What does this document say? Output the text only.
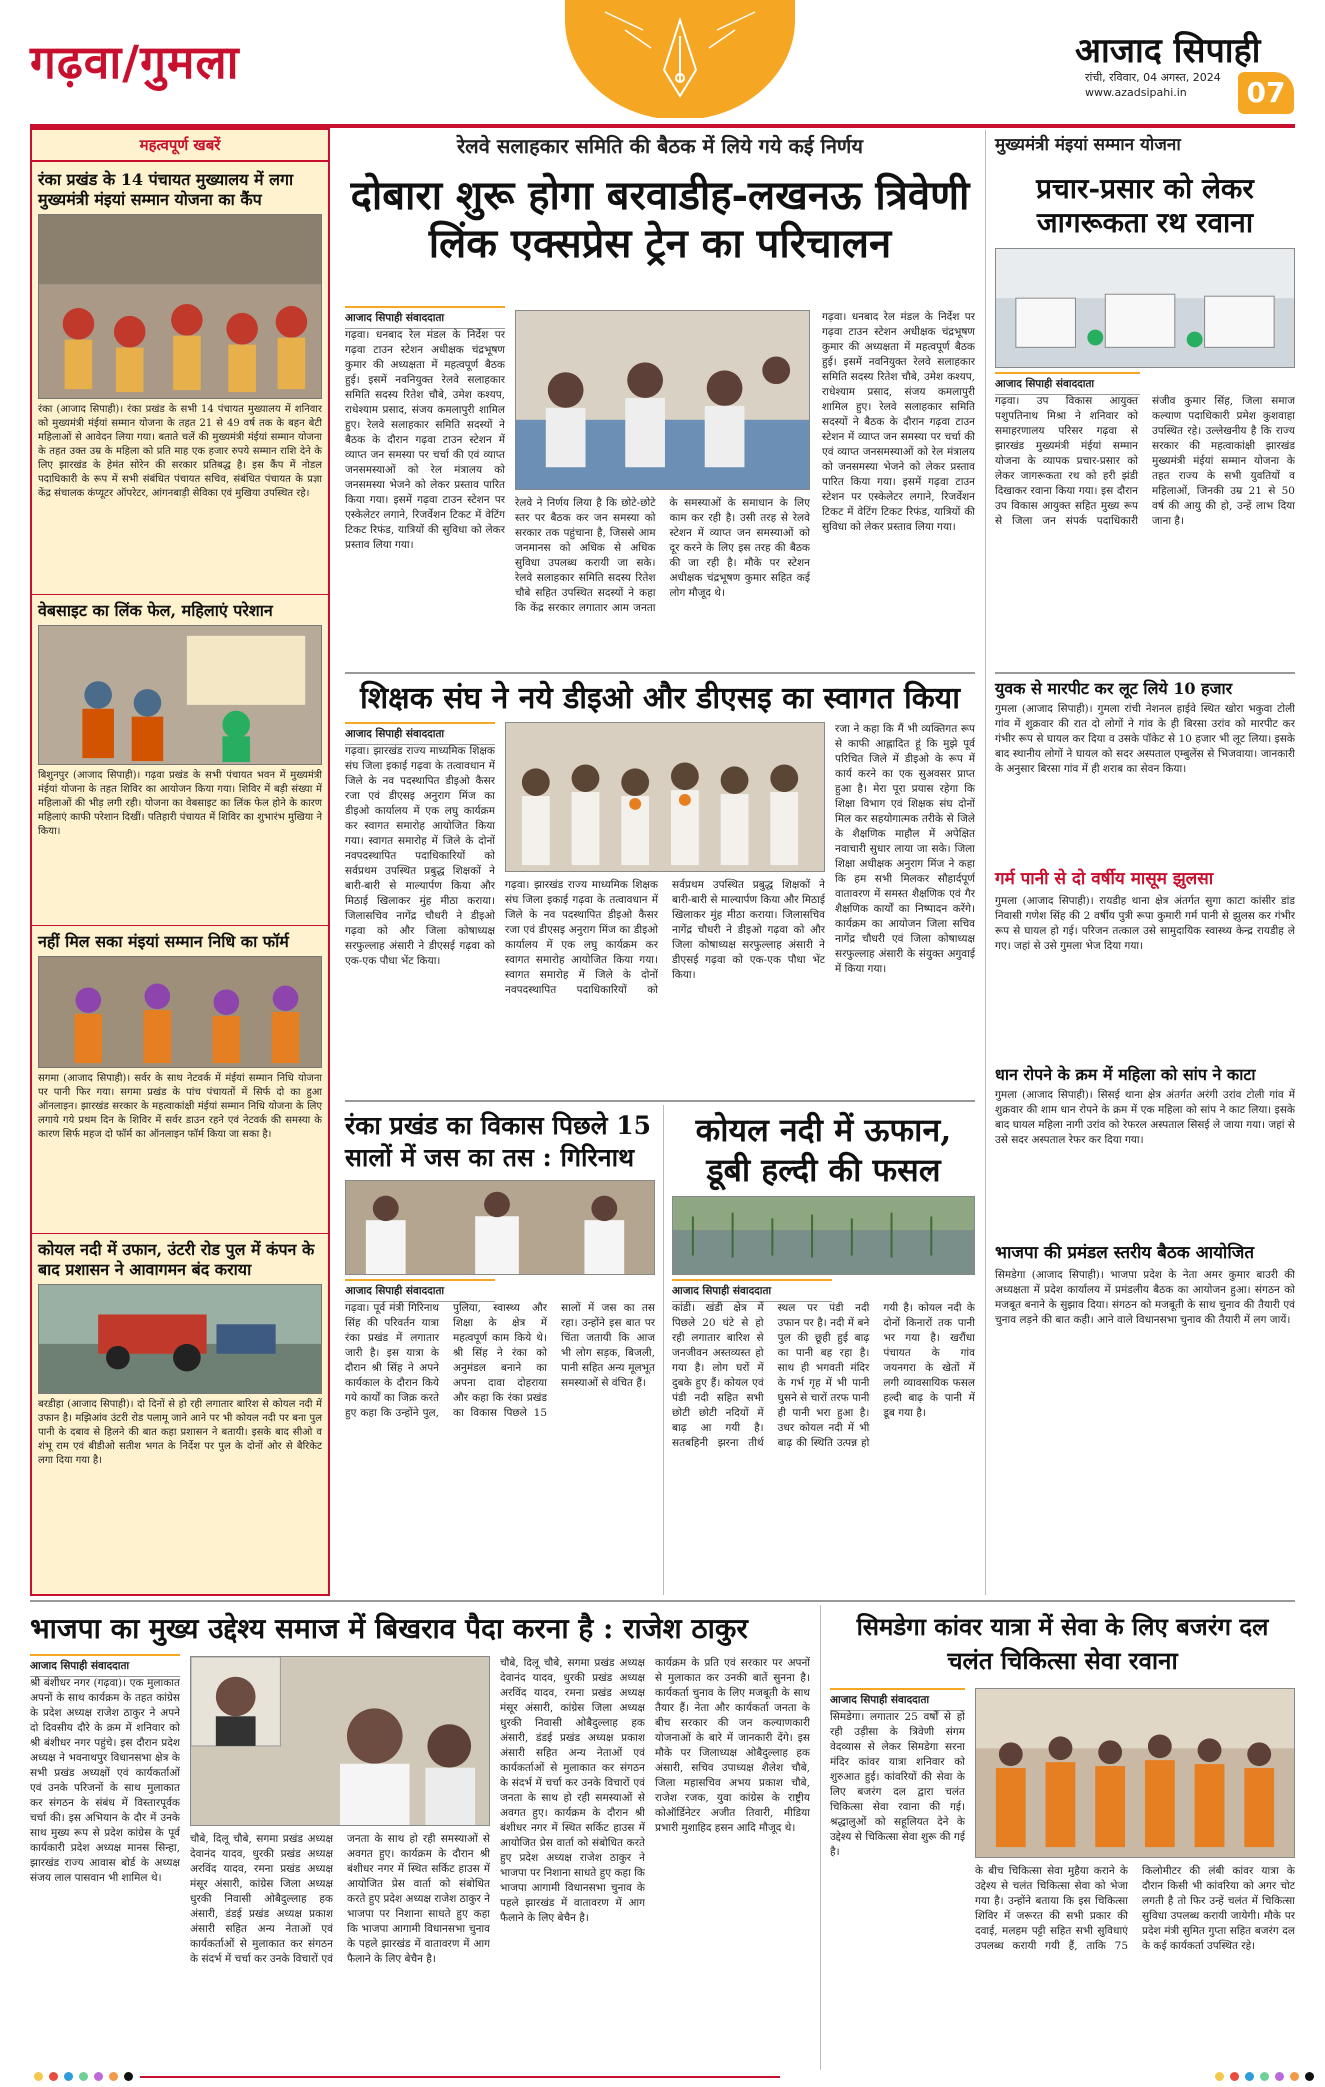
गढ़वा/गुमला	आजाद सिपाही
रांची, रविवार, 04 अगस्त, 2024
www.azadsipahi.in	07
महत्वपूर्ण खबरें
रंका प्रखंड के 14 पंचायत मुख्यालय में लगा मुख्यमंत्री मंइयां सम्मान योजना का कैंप
रंका (आजाद सिपाही)। रंका प्रखंड के सभी 14 पंचायत मुख्यालय में शनिवार को मुख्यमंत्री मंईयां सम्मान योजना के तहत 21 से 49 वर्ष तक के बहन बेटी महिलाओं से आवेदन लिया गया। बताते चलें की मुख्यमंत्री मंईयां सम्मान योजना के तहत उक्त उम्र के महिला को प्रति माह एक हजार रुपये सम्मान राशि देने के लिए झारखंड के हेमंत सोरेन की सरकार प्रतिबद्ध है। इस कैंप में नोडल पदाधिकारी के रूप में सभी संबंधित पंचायत सचिव, संबंधित पंचायत के प्रज्ञा केंद्र संचालक कंप्यूटर ऑपरेटर, आंगनबाड़ी सेविका एवं मुखिया उपस्थित रहे।
वेबसाइट का लिंक फेल, महिलाएं परेशान
बिशुनपुर (आजाद सिपाही)। गढ़वा प्रखंड के सभी पंचायत भवन में मुख्यमंत्री मंईयां योजना के तहत शिविर का आयोजन किया गया। शिविर में बड़ी संख्या में महिलाओं की भीड़ लगी रही। योजना का वेबसाइट का लिंक फेल होने के कारण महिलाएं काफी परेशान दिखीं। पतिहारी पंचायत में शिविर का शुभारंभ मुखिया ने किया।
नहीं मिल सका मंइयां सम्मान निधि का फॉर्म
सगमा (आजाद सिपाही)। सर्वर के साथ नेटवर्क में मंईयां सम्मान निधि योजना पर पानी फिर गया। सगमा प्रखंड के पांच पंचायतों में सिर्फ दो का हुआ ऑनलाइन। झारखंड सरकार के महत्वाकांक्षी मंईयां सम्मान निधि योजना के लिए लगाये गये प्रथम दिन के शिविर में सर्वर डाउन रहने एवं नेटवर्क की समस्या के कारण सिर्फ महज दो फॉर्म का ऑनलाइन फॉर्म किया जा सका है।
कोयल नदी में उफान, उंटरी रोड पुल में कंपन के बाद प्रशासन ने आवागमन बंद कराया
बरडीहा (आजाद सिपाही)। दो दिनों से हो रही लगातार बारिश से कोयल नदी में उफान है। मझिआंव उंटरी रोड पलामू जाने आने पर भी कोयल नदी पर बना पुल पानी के दबाव से हिलने की बात कहा प्रशासन ने बतायी। इसके बाद सीओ व शंभू राम एवं बीडीओ सतीश भगत के निर्देश पर पुल के दोनों ओर से बैरिकेट लगा दिया गया है।
रेलवे सलाहकार समिति की बैठक में लिये गये कई निर्णय
दोबारा शुरू होगा बरवाडीह-लखनऊ त्रिवेणी लिंक एक्सप्रेस ट्रेन का परिचालन
आजाद सिपाही संवाददाता
गढ़वा। धनबाद रेल मंडल के निर्देश पर गढ़वा टाउन स्टेशन अधीक्षक चंद्रभूषण कुमार की अध्यक्षता में महत्वपूर्ण बैठक हुई। इसमें नवनियुक्त रेलवे सलाहकार समिति सदस्य रितेश चौबे, उमेश कश्यप, राधेश्याम प्रसाद, संजय कमलापुरी शामिल हुए। रेलवे सलाहकार समिति सदस्यों ने बैठक के दौरान गढ़वा टाउन स्टेशन में व्याप्त जन समस्या पर चर्चा की एवं व्याप्त जनसमस्याओं को रेल मंत्रालय को जनसमस्या भेजने को लेकर प्रस्ताव पारित किया गया। इसमें गढ़वा टाउन स्टेशन पर एस्केलेटर लगाने, रिजर्वेशन टिकट में वेटिंग टिकट रिफंड, यात्रियों की सुविधा को लेकर प्रस्ताव लिया गया।
रेलवे ने निर्णय लिया है कि छोटे-छोटे स्तर पर बैठक कर जन समस्या को सरकार तक पहुंचाना है, जिससे आम जनमानस को अधिक से अधिक सुविधा उपलब्ध करायी जा सके। रेलवे सलाहकार समिति सदस्य रितेश चौबे सहित उपस्थित सदस्यों ने कहा कि केंद्र सरकार लगातार आम जनता के समस्याओं के समाधान के लिए काम कर रही है। उसी तरह से रेलवे स्टेशन में व्याप्त जन समस्याओं को दूर करने के लिए इस तरह की बैठक की जा रही है। मौके पर स्टेशन अधीक्षक चंद्रभूषण कुमार सहित कई लोग मौजूद थे।
गढ़वा। धनबाद रेल मंडल के निर्देश पर गढ़वा टाउन स्टेशन अधीक्षक चंद्रभूषण कुमार की अध्यक्षता में महत्वपूर्ण बैठक हुई। इसमें नवनियुक्त रेलवे सलाहकार समिति सदस्य रितेश चौबे, उमेश कश्यप, राधेश्याम प्रसाद, संजय कमलापुरी शामिल हुए। रेलवे सलाहकार समिति सदस्यों ने बैठक के दौरान गढ़वा टाउन स्टेशन में व्याप्त जन समस्या पर चर्चा की एवं व्याप्त जनसमस्याओं को रेल मंत्रालय को जनसमस्या भेजने को लेकर प्रस्ताव पारित किया गया। इसमें गढ़वा टाउन स्टेशन पर एस्केलेटर लगाने, रिजर्वेशन टिकट में वेटिंग टिकट रिफंड, यात्रियों की सुविधा को लेकर प्रस्ताव लिया गया।
मुख्यमंत्री मंइयां सम्मान योजना
प्रचार-प्रसार को लेकर जागरूकता रथ रवाना
आजाद सिपाही संवाददाता
गढ़वा। उप विकास आयुक्त पशुपतिनाथ मिश्रा ने शनिवार को समाहरणालय परिसर गढ़वा से झारखंड मुख्यमंत्री मंईयां सम्मान योजना के व्यापक प्रचार-प्रसार को लेकर जागरूकता रथ को हरी झंडी दिखाकर रवाना किया गया। इस दौरान उप विकास आयुक्त सहित मुख्य रूप से जिला जन संपर्क पदाधिकारी संजीव कुमार सिंह, जिला समाज कल्याण पदाधिकारी प्रमेश कुशवाहा उपस्थित रहे। उल्लेखनीय है कि राज्य सरकार की महत्वाकांक्षी झारखंड मुख्यमंत्री मंईयां सम्मान योजना के तहत राज्य के सभी युवतियों व महिलाओं, जिनकी उम्र 21 से 50 वर्ष की आयु की हो, उन्हें लाभ दिया जाना है।
शिक्षक संघ ने नये डीइओ और डीएसइ का स्वागत किया
आजाद सिपाही संवाददाता
गढ़वा। झारखंड राज्य माध्यमिक शिक्षक संघ जिला इकाई गढ़वा के तत्वावधान में जिले के नव पदस्थापित डीइओ कैसर रजा एवं डीएसइ अनुराग मिंज का डीइओ कार्यालय में एक लघु कार्यक्रम कर स्वागत समारोह आयोजित किया गया। स्वागत समारोह में जिले के दोनों नवपदस्थापित पदाधिकारियों को सर्वप्रथम उपस्थित प्रबुद्ध शिक्षकों ने बारी-बारी से माल्यार्पण किया और मिठाई खिलाकर मुंह मीठा कराया। जिलासचिव नागेंद्र चौधरी ने डीइओ गढ़वा को और जिला कोषाध्यक्ष सरफुल्लाह अंसारी ने डीएसई गढ़वा को एक-एक पौधा भेंट किया।
गढ़वा। झारखंड राज्य माध्यमिक शिक्षक संघ जिला इकाई गढ़वा के तत्वावधान में जिले के नव पदस्थापित डीइओ कैसर रजा एवं डीएसइ अनुराग मिंज का डीइओ कार्यालय में एक लघु कार्यक्रम कर स्वागत समारोह आयोजित किया गया। स्वागत समारोह में जिले के दोनों नवपदस्थापित पदाधिकारियों को सर्वप्रथम उपस्थित प्रबुद्ध शिक्षकों ने बारी-बारी से माल्यार्पण किया और मिठाई खिलाकर मुंह मीठा कराया। जिलासचिव नागेंद्र चौधरी ने डीइओ गढ़वा को और जिला कोषाध्यक्ष सरफुल्लाह अंसारी ने डीएसई गढ़वा को एक-एक पौधा भेंट किया।
रजा ने कहा कि मैं भी व्यक्तिगत रूप से काफी आह्लादित हूं कि मुझे पूर्व परिचित जिले में डीइओ के रूप में कार्य करने का एक सुअवसर प्राप्त हुआ है। मेरा पूरा प्रयास रहेगा कि शिक्षा विभाग एवं शिक्षक संघ दोनों मिल कर सहयोगात्मक तरीके से जिले के शैक्षणिक माहौल में अपेक्षित नवाचारी सुधार लाया जा सके। जिला शिक्षा अधीक्षक अनुराग मिंज ने कहा कि हम सभी मिलकर सौहार्दपूर्ण वातावरण में समस्त शैक्षणिक एवं गैर शैक्षणिक कार्यों का निष्पादन करेंगे। कार्यक्रम का आयोजन जिला सचिव नागेंद्र चौधरी एवं जिला कोषाध्यक्ष सरफुल्लाह अंसारी के संयुक्त अगुवाई में किया गया।
रंका प्रखंड का विकास पिछले 15 सालों में जस का तस : गिरिनाथ
आजाद सिपाही संवाददाता
गढ़वा। पूर्व मंत्री गिरिनाथ सिंह की परिवर्तन यात्रा रंका प्रखंड में लगातार जारी है। इस यात्रा के दौरान श्री सिंह ने अपने कार्यकाल के दौरान किये गये कार्यों का जिक्र करते हुए कहा कि उन्होंने पुल, पुलिया, स्वास्थ्य और शिक्षा के क्षेत्र में महत्वपूर्ण काम किये थे। श्री सिंह ने रंका को अनुमंडल बनाने का अपना दावा दोहराया और कहा कि रंका प्रखंड का विकास पिछले 15 सालों में जस का तस रहा। उन्होंने इस बात पर चिंता जतायी कि आज भी लोग सड़क, बिजली, पानी सहित अन्य मूलभूत समस्याओं से वंचित हैं।
कोयल नदी में ऊफान, डूबी हल्दी की फसल
आजाद सिपाही संवाददाता
कांडी। खंडी क्षेत्र में पिछले 20 घंटे से हो रही लगातार बारिश से जनजीवन अस्तव्यस्त हो गया है। लोग घरों में दुबके हुए हैं। कोयल एवं पंडी नदी सहित सभी छोटी छोटी नदियों में बाढ़ आ गयी है। सतबहिनी झरना तीर्थ स्थल पर पंडी नदी उफान पर है। नदी में बने पुल की छूही हुई बाढ़ का पानी बह रहा है। साथ ही भगवती मंदिर के गर्भ गृह में भी पानी घुसने से चारों तरफ पानी ही पानी भरा हुआ है। उधर कोयल नदी में भी बाढ़ की स्थिति उत्पन्न हो गयी है। कोयल नदी के दोनों किनारों तक पानी भर गया है। खरौंधा पंचायत के गांव जयनगरा के खेतों में लगी व्यावसायिक फसल हल्दी बाढ़ के पानी में डूब गया है।
युवक से मारपीट कर लूट लिये 10 हजार
गुमला (आजाद सिपाही)। गुमला रांची नेशनल हाईवे स्थित खोरा भकुवा टोली गांव में शुक्रवार की रात दो लोगों ने गांव के ही बिरसा उरांव को मारपीट कर गंभीर रूप से घायल कर दिया व उसके पॉकेट से 10 हजार भी लूट लिया। इसके बाद स्थानीय लोगों ने घायल को सदर अस्पताल एम्बुलेंस से भिजवाया। जानकारी के अनुसार बिरसा गांव में ही शराब का सेवन किया।
गर्म पानी से दो वर्षीय मासूम झुलसा
गुमला (आजाद सिपाही)। रायडीह थाना क्षेत्र अंतर्गत सुगा काटा कांसीर डांड निवासी गणेश सिंह की 2 वर्षीय पुत्री रूपा कुमारी गर्म पानी से झुलस कर गंभीर रूप से घायल हो गई। परिजन तत्काल उसे सामुदायिक स्वास्थ्य केन्द्र रायडीह ले गए। जहां से उसे गुमला भेज दिया गया।
धान रोपने के क्रम में महिला को सांप ने काटा
गुमला (आजाद सिपाही)। सिसई थाना क्षेत्र अंतर्गत अरंगी उरांव टोली गांव में शुक्रवार की शाम धान रोपने के क्रम में एक महिला को सांप ने काट लिया। इसके बाद घायल महिला नागी उरांव को रेफरल अस्पताल सिसई ले जाया गया। जहां से उसे सदर अस्पताल रेफर कर दिया गया।
भाजपा की प्रमंडल स्तरीय बैठक आयोजित
सिमडेगा (आजाद सिपाही)। भाजपा प्रदेश के नेता अमर कुमार बाउरी की अध्यक्षता में प्रदेश कार्यालय में प्रमंडलीय बैठक का आयोजन हुआ। संगठन को मजबूत बनाने के सुझाव दिया। संगठन को मजबूती के साथ चुनाव की तैयारी एवं चुनाव लड़ने की बात कही। आने वाले विधानसभा चुनाव की तैयारी में लग जायें।
भाजपा का मुख्य उद्देश्य समाज में बिखराव पैदा करना है : राजेश ठाकुर
आजाद सिपाही संवाददाता
श्री बंशीधर नगर (गढ़वा)। एक मुलाकात अपनों के साथ कार्यक्रम के तहत कांग्रेस के प्रदेश अध्यक्ष राजेश ठाकुर ने अपने दो दिवसीय दौरे के क्रम में शनिवार को श्री बंशीधर नगर पहुंचे। इस दौरान प्रदेश अध्यक्ष ने भवनाथपुर विधानसभा क्षेत्र के सभी प्रखंड अध्यक्षों एवं कार्यकर्ताओं एवं उनके परिजनों के साथ मुलाकात कर संगठन के संबंध में विस्तारपूर्वक चर्चा की। इस अभियान के दौर में उनके साथ मुख्य रूप से प्रदेश कांग्रेस के पूर्व कार्यकारी प्रदेश अध्यक्ष मानस सिन्हा, झारखंड राज्य आवास बोर्ड के अध्यक्ष संजय लाल पासवान भी शामिल थे।
चौबे, दिलू चौबे, सगमा प्रखंड अध्यक्ष देवानंद यादव, धुरकी प्रखंड अध्यक्ष अरविंद यादव, रमना प्रखंड अध्यक्ष मंसूर अंसारी, कांग्रेस जिला अध्यक्ष धुरकी निवासी ओबैदुल्लाह हक अंसारी, डंडई प्रखंड अध्यक्ष प्रकाश अंसारी सहित अन्य नेताओं एवं कार्यकर्ताओं से मुलाकात कर संगठन के संदर्भ में चर्चा कर उनके विचारों एवं जनता के साथ हो रही समस्याओं से अवगत हुए। कार्यक्रम के दौरान श्री बंशीधर नगर में स्थित सर्किट हाउस में आयोजित प्रेस वार्ता को संबोधित करते हुए प्रदेश अध्यक्ष राजेश ठाकुर ने भाजपा पर निशाना साधते हुए कहा कि भाजपा आगामी विधानसभा चुनाव के पहले झारखंड में वातावरण में आग फैलाने के लिए बेचैन है।
चौबे, दिलू चौबे, सगमा प्रखंड अध्यक्ष देवानंद यादव, धुरकी प्रखंड अध्यक्ष अरविंद यादव, रमना प्रखंड अध्यक्ष मंसूर अंसारी, कांग्रेस जिला अध्यक्ष धुरकी निवासी ओबैदुल्लाह हक अंसारी, डंडई प्रखंड अध्यक्ष प्रकाश अंसारी सहित अन्य नेताओं एवं कार्यकर्ताओं से मुलाकात कर संगठन के संदर्भ में चर्चा कर उनके विचारों एवं जनता के साथ हो रही समस्याओं से अवगत हुए। कार्यक्रम के दौरान श्री बंशीधर नगर में स्थित सर्किट हाउस में आयोजित प्रेस वार्ता को संबोधित करते हुए प्रदेश अध्यक्ष राजेश ठाकुर ने भाजपा पर निशाना साधते हुए कहा कि भाजपा आगामी विधानसभा चुनाव के पहले झारखंड में वातावरण में आग फैलाने के लिए बेचैन है।
कार्यक्रम के प्रति एवं सरकार पर अपनों से मुलाकात कर उनकी बातें सुनना है। कार्यकर्ता चुनाव के लिए मजबूती के साथ तैयार हैं। नेता और कार्यकर्ता जनता के बीच सरकार की जन कल्याणकारी योजनाओं के बारे में जानकारी देंगे। इस मौके पर जिलाध्यक्ष ओबैदुल्लाह हक अंसारी, सचिव उपाध्यक्ष शैलेश चौबे, जिला महासचिव अभय प्रकाश चौबे, राजेश रजक, युवा कांग्रेस के राष्ट्रीय कोऑर्डिनेटर अजीत तिवारी, मीडिया प्रभारी मुशाहिद हसन आदि मौजूद थे।
सिमडेगा कांवर यात्रा में सेवा के लिए बजरंग दल चलंत चिकित्सा सेवा रवाना
आजाद सिपाही संवाददाता
सिमडेगा। लगातार 25 वर्षों से हो रही उड़ीसा के त्रिवेणी संगम वेदव्यास से लेकर सिमडेगा सरना मंदिर कांवर यात्रा शनिवार को शुरुआत हुई। कांवरियों की सेवा के लिए बजरंग दल द्वारा चलंत चिकित्सा सेवा रवाना की गई। श्रद्धालुओं को सहूलियत देने के उद्देश्य से चिकित्सा सेवा शुरू की गई है।
के बीच चिकित्सा सेवा मुहैया कराने के उद्देश्य से चलंत चिकित्सा सेवा को भेजा गया है। उन्होंने बताया कि इस चिकित्सा शिविर में जरूरत की सभी प्रकार की दवाई, मलहम पट्टी सहित सभी सुविधाएं उपलब्ध करायी गयी हैं, ताकि 75 किलोमीटर की लंबी कांवर यात्रा के दौरान किसी भी कांवरिया को अगर चोट लगती है तो फिर उन्हें चलंत में चिकित्सा सुविधा उपलब्ध करायी जायेगी। मौके पर प्रदेश मंत्री सुमित गुप्ता सहित बजरंग दल के कई कार्यकर्ता उपस्थित रहे।
